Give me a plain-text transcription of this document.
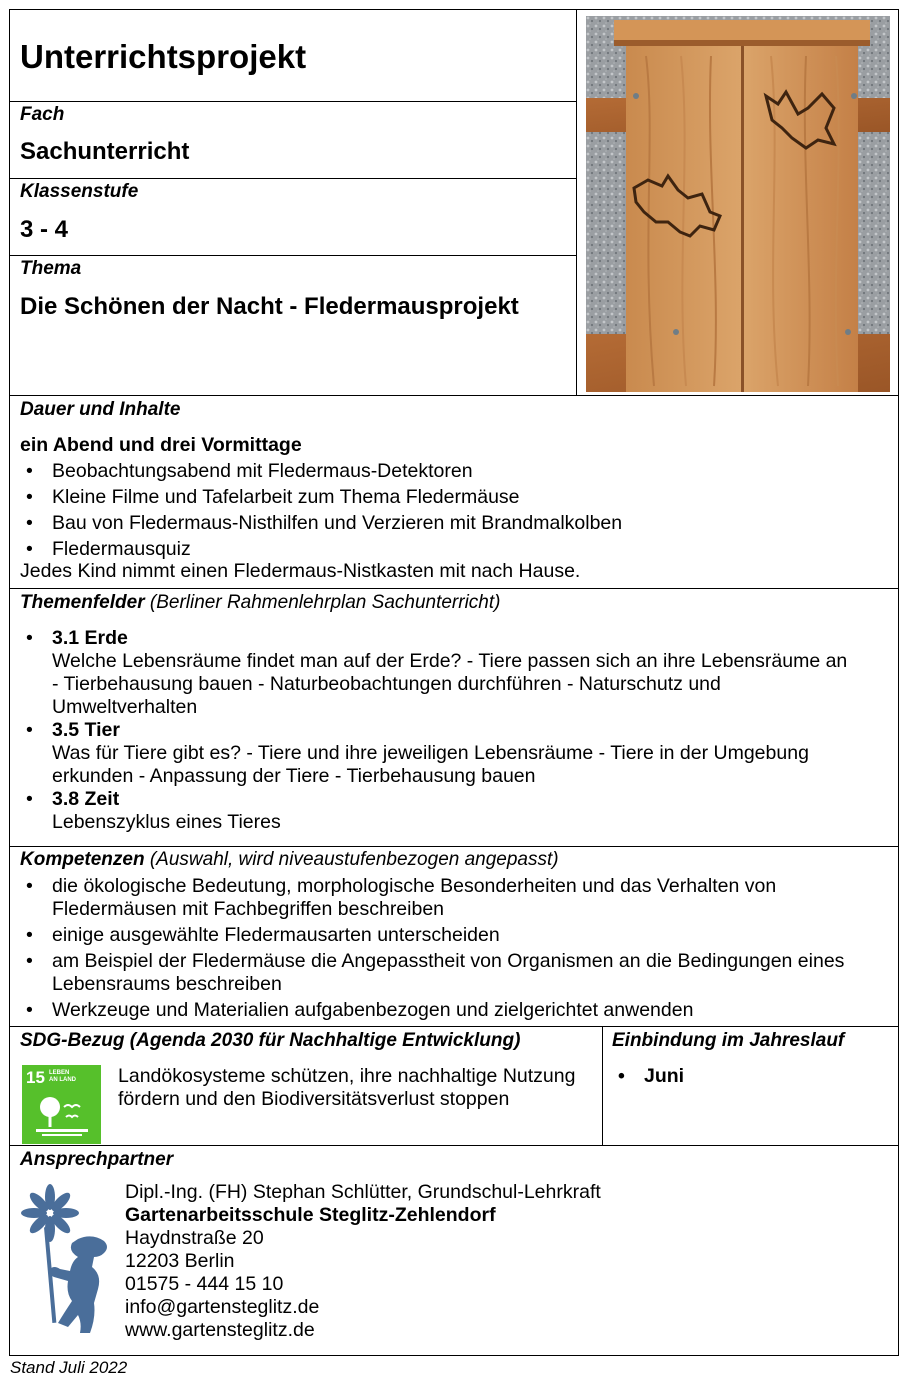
Unterrichtsprojekt
Fach
Sachunterricht
Klassenstufe
3 - 4
Thema
Die Schönen der Nacht - Fledermausprojekt
Dauer und Inhalte
ein Abend und drei Vormittage
• Beobachtungsabend mit Fledermaus-Detektoren
• Kleine Filme und Tafelarbeit zum Thema Fledermäuse
• Bau von Fledermaus-Nisthilfen und Verzieren mit Brandmalkolben
• Fledermausquiz
Jedes Kind nimmt einen Fledermaus-Nistkasten mit nach Hause.
Themenfelder (Berliner Rahmenlehrplan Sachunterricht)
• 3.1 Erde
Welche Lebensräume findet man auf der Erde? - Tiere passen sich an ihre Lebensräume an
- Tierbehausung bauen - Naturbeobachtungen durchführen - Naturschutz und
Umweltverhalten
• 3.5 Tier
Was für Tiere gibt es? - Tiere und ihre jeweiligen Lebensräume - Tiere in der Umgebung
erkunden - Anpassung der Tiere - Tierbehausung bauen
• 3.8 Zeit
Lebenszyklus eines Tieres
Kompetenzen (Auswahl, wird niveaustufenbezogen angepasst)
• die ökologische Bedeutung, morphologische Besonderheiten und das Verhalten von
Fledermäusen mit Fachbegriffen beschreiben
• einige ausgewählte Fledermausarten unterscheiden
• am Beispiel der Fledermäuse die Angepasstheit von Organismen an die Bedingungen eines
Lebensraums beschreiben
• Werkzeuge und Materialien aufgabenbezogen und zielgerichtet anwenden
SDG-Bezug (Agenda 2030 für Nachhaltige Entwicklung)
15 LEBEN
AN LAND Landökosysteme schützen, ihre nachhaltige Nutzung
fördern und den Biodiversitätsverlust stoppen
Einbindung im Jahreslauf
• Juni
Ansprechpartner
Dipl.-Ing. (FH) Stephan Schlütter, Grundschul-Lehrkraft
Gartenarbeitsschule Steglitz-Zehlendorf
Haydnstraße 20
12203 Berlin
01575 - 444 15 10
info@gartensteglitz.de
www.gartensteglitz.de
Stand Juli 2022
